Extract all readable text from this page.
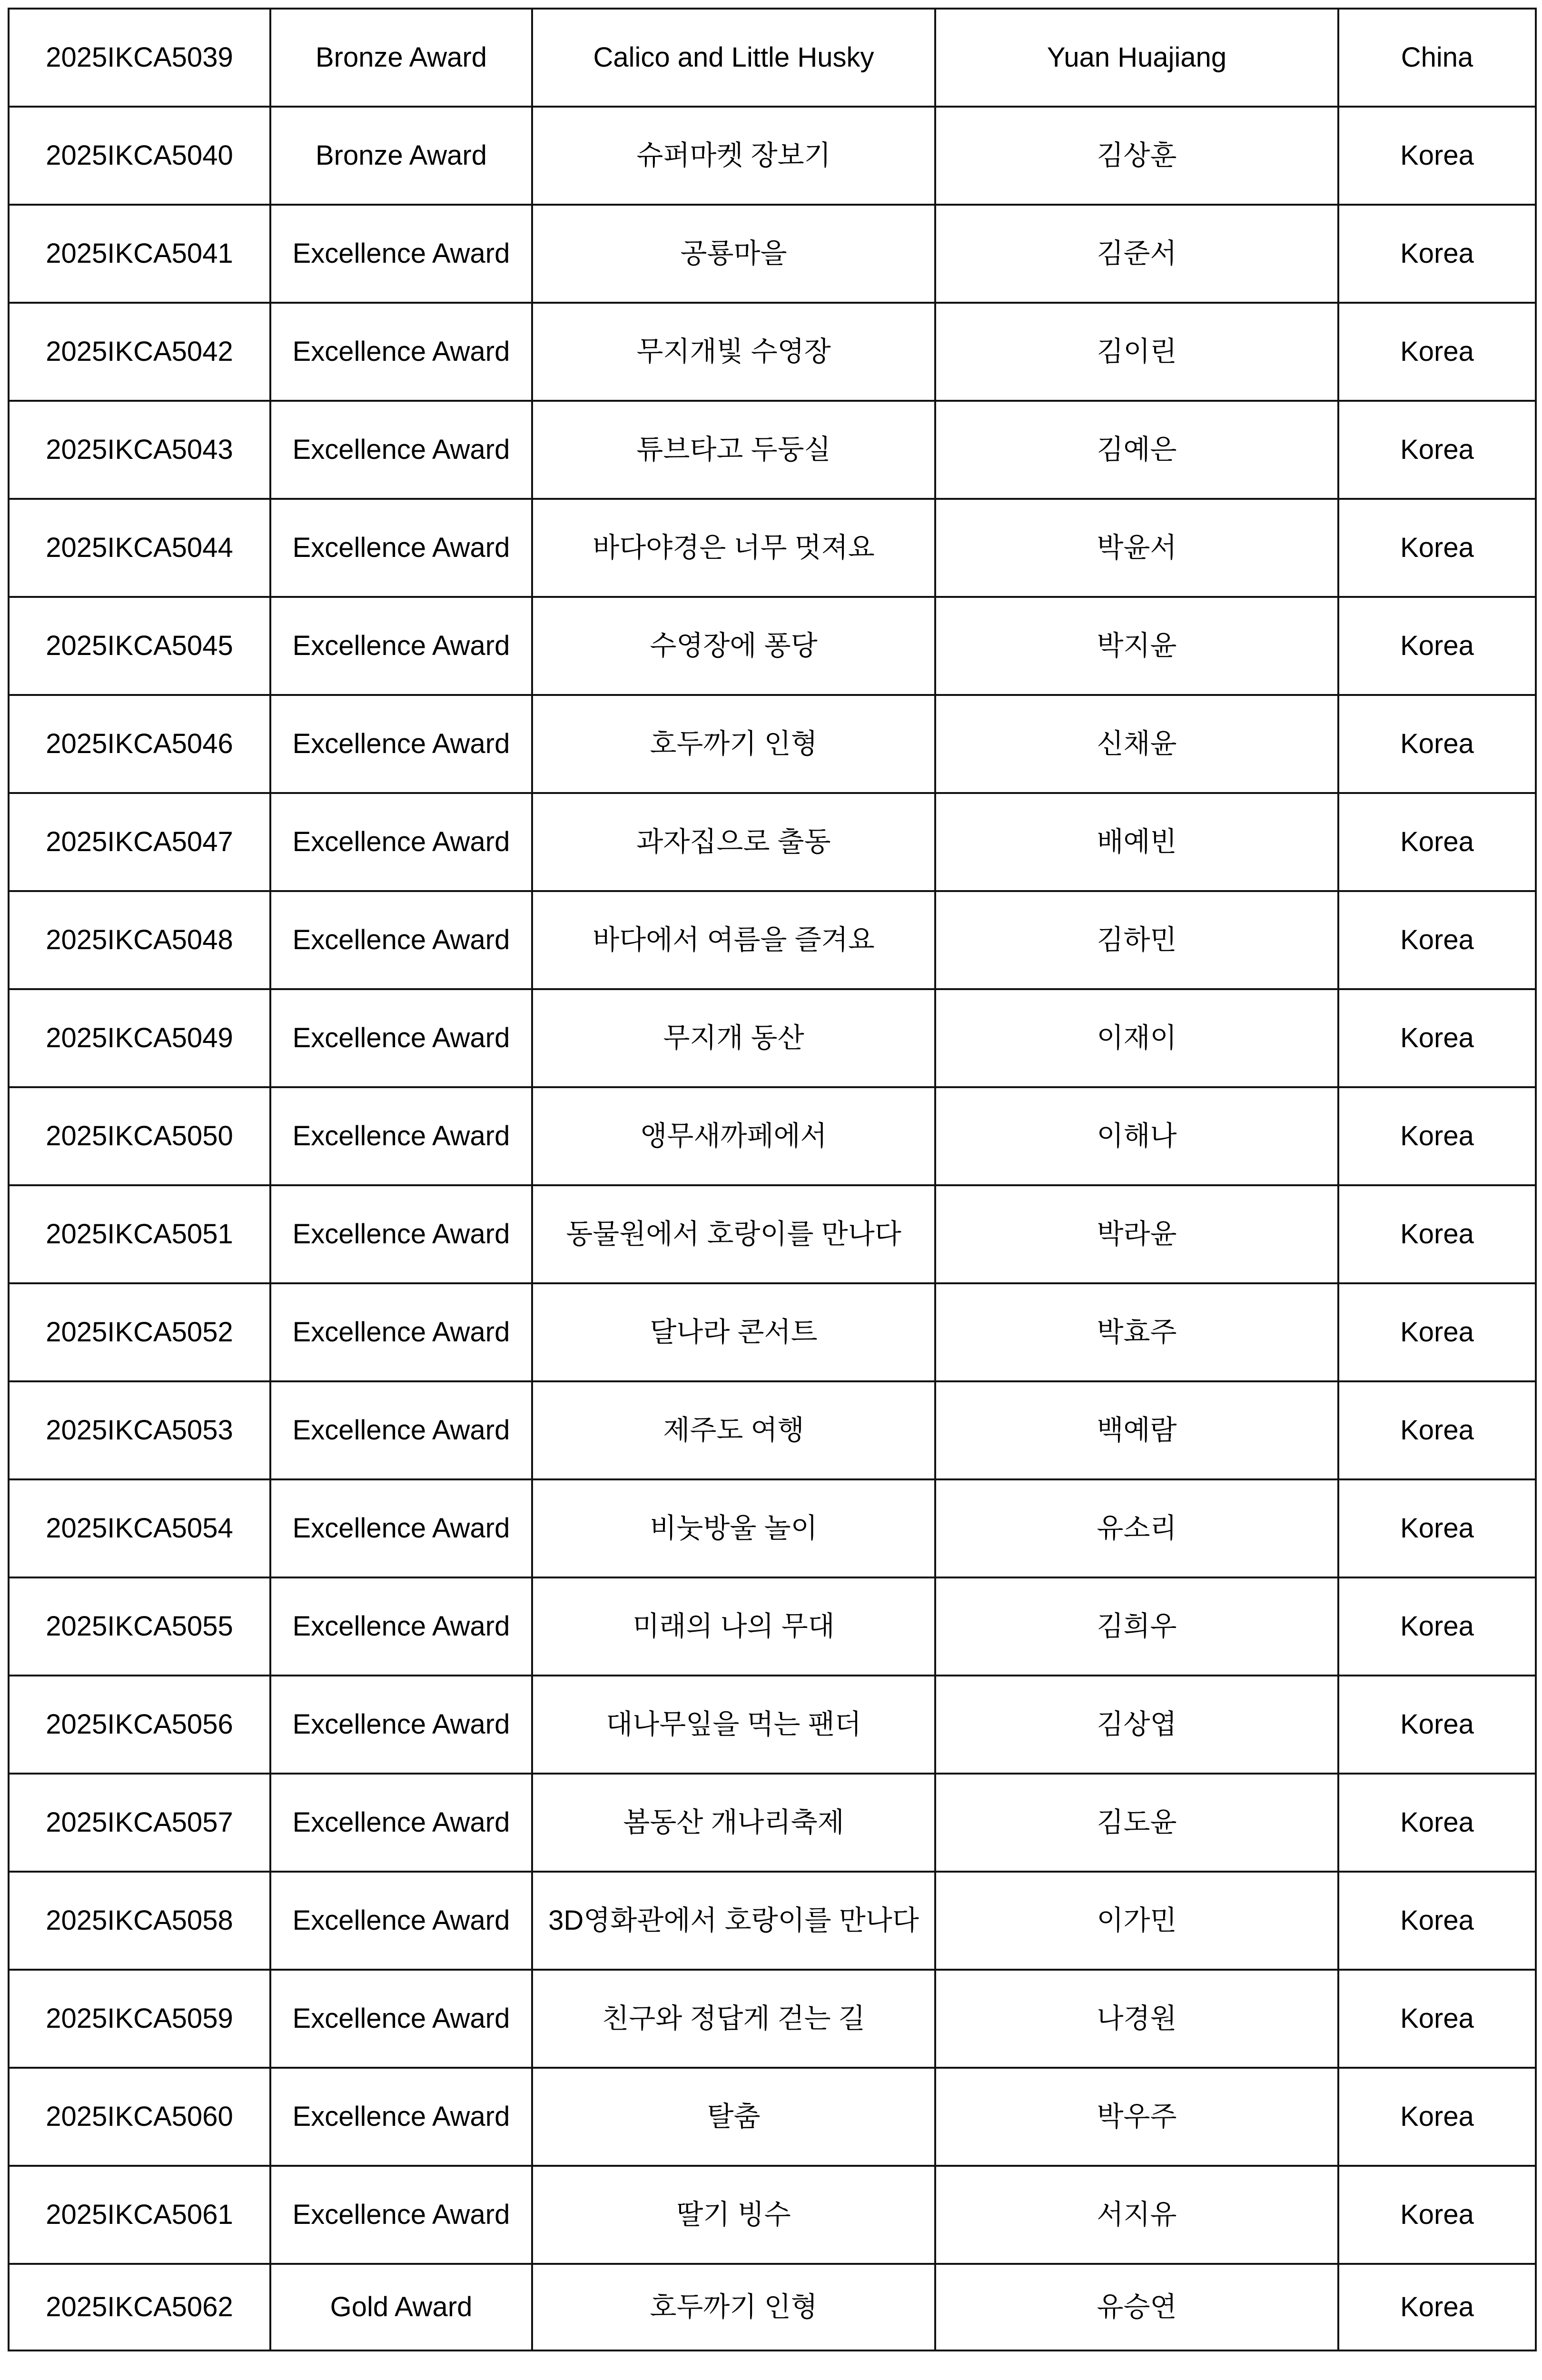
2025IKCA5039	Bronze Award	Calico and Little Husky	Yuan Huajiang	China
2025IKCA5040	Bronze Award	슈퍼마켓 장보기	김상훈	Korea
2025IKCA5041	Excellence Award	공룡마을	김준서	Korea
2025IKCA5042	Excellence Award	무지개빛 수영장	김이린	Korea
2025IKCA5043	Excellence Award	튜브타고 두둥실	김예은	Korea
2025IKCA5044	Excellence Award	바다야경은 너무 멋져요	박윤서	Korea
2025IKCA5045	Excellence Award	수영장에 퐁당	박지윤	Korea
2025IKCA5046	Excellence Award	호두까기 인형	신채윤	Korea
2025IKCA5047	Excellence Award	과자집으로 출동	배예빈	Korea
2025IKCA5048	Excellence Award	바다에서 여름을 즐겨요	김하민	Korea
2025IKCA5049	Excellence Award	무지개 동산	이재이	Korea
2025IKCA5050	Excellence Award	앵무새까페에서	이해나	Korea
2025IKCA5051	Excellence Award	동물원에서 호랑이를 만나다	박라윤	Korea
2025IKCA5052	Excellence Award	달나라 콘서트	박효주	Korea
2025IKCA5053	Excellence Award	제주도 여행	백예람	Korea
2025IKCA5054	Excellence Award	비눗방울 놀이	유소리	Korea
2025IKCA5055	Excellence Award	미래의 나의 무대	김희우	Korea
2025IKCA5056	Excellence Award	대나무잎을 먹는 팬더	김상엽	Korea
2025IKCA5057	Excellence Award	봄동산 개나리축제	김도윤	Korea
2025IKCA5058	Excellence Award	3D영화관에서 호랑이를 만나다	이가민	Korea
2025IKCA5059	Excellence Award	친구와 정답게 걷는 길	나경원	Korea
2025IKCA5060	Excellence Award	탈춤	박우주	Korea
2025IKCA5061	Excellence Award	딸기 빙수	서지유	Korea
2025IKCA5062	Gold Award	호두까기 인형	유승연	Korea
